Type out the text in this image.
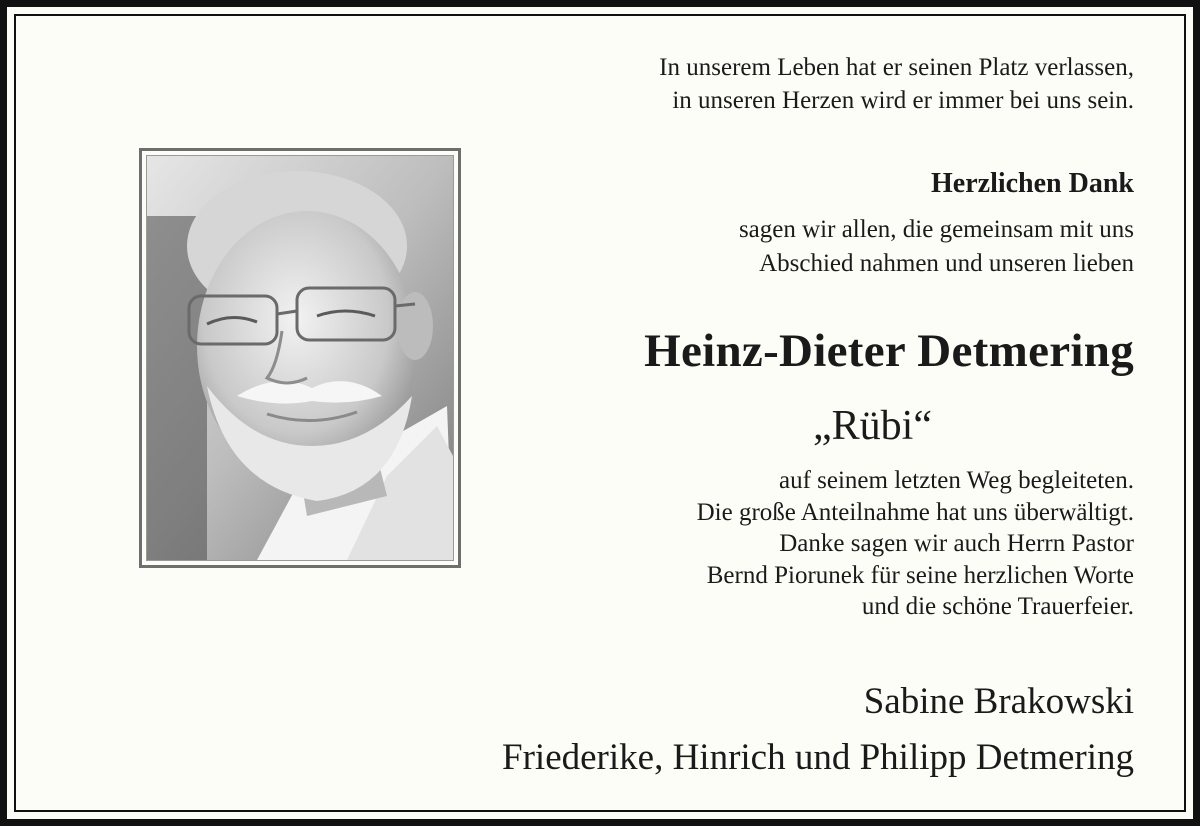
In unserem Leben hat er seinen Platz verlassen,
in unseren Herzen wird er immer bei uns sein.
Herzlichen Dank
sagen wir allen, die gemeinsam mit uns
Abschied nahmen und unseren lieben
Heinz-Dieter Detmering
„Rübi“
auf seinem letzten Weg begleiteten.
Die große Anteilnahme hat uns überwältigt.
Danke sagen wir auch Herrn Pastor
Bernd Piorunek für seine herzlichen Worte
und die schöne Trauerfeier.
Sabine Brakowski
Friederike, Hinrich und Philipp Detmering
